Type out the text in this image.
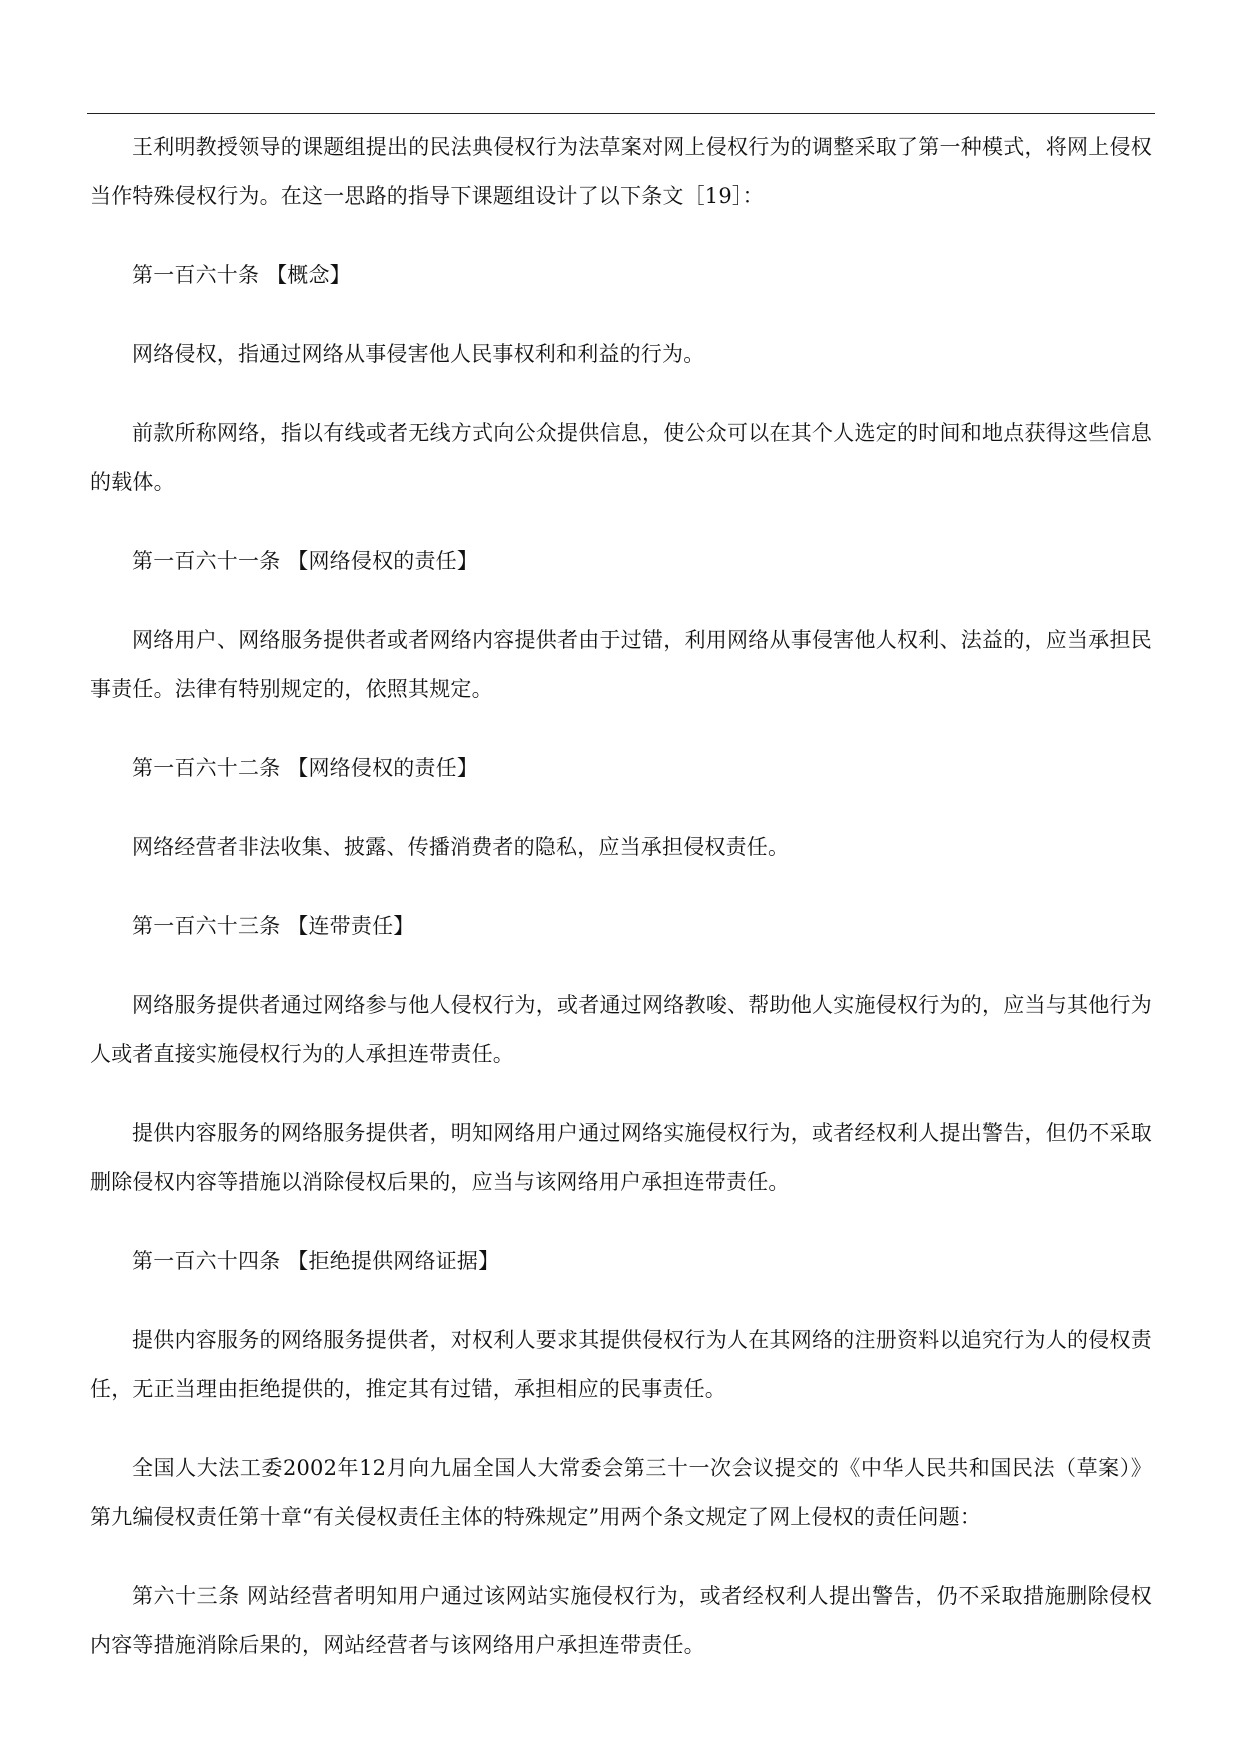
王利明教授领导的课题组提出的民法典侵权行为法草案对网上侵权行为的调整采取了第一种模式，将网上侵权当作特殊侵权行为。在这一思路的指导下课题组设计了以下条文［19］：

第一百六十条 【概念】

网络侵权，指通过网络从事侵害他人民事权利和利益的行为。

前款所称网络，指以有线或者无线方式向公众提供信息，使公众可以在其个人选定的时间和地点获得这些信息的载体。

第一百六十一条 【网络侵权的责任】

网络用户、网络服务提供者或者网络内容提供者由于过错，利用网络从事侵害他人权利、法益的，应当承担民事责任。法律有特别规定的，依照其规定。

第一百六十二条 【网络侵权的责任】

网络经营者非法收集、披露、传播消费者的隐私，应当承担侵权责任。

第一百六十三条 【连带责任】

网络服务提供者通过网络参与他人侵权行为，或者通过网络教唆、帮助他人实施侵权行为的，应当与其他行为人或者直接实施侵权行为的人承担连带责任。

提供内容服务的网络服务提供者，明知网络用户通过网络实施侵权行为，或者经权利人提出警告，但仍不采取删除侵权内容等措施以消除侵权后果的，应当与该网络用户承担连带责任。

第一百六十四条 【拒绝提供网络证据】

提供内容服务的网络服务提供者，对权利人要求其提供侵权行为人在其网络的注册资料以追究行为人的侵权责任，无正当理由拒绝提供的，推定其有过错，承担相应的民事责任。

全国人大法工委2002年12月向九届全国人大常委会第三十一次会议提交的《中华人民共和国民法（草案）》第九编侵权责任第十章“有关侵权责任主体的特殊规定”用两个条文规定了网上侵权的责任问题：

第六十三条 网站经营者明知用户通过该网站实施侵权行为，或者经权利人提出警告，仍不采取措施删除侵权内容等措施消除后果的，网站经营者与该网络用户承担连带责任。
